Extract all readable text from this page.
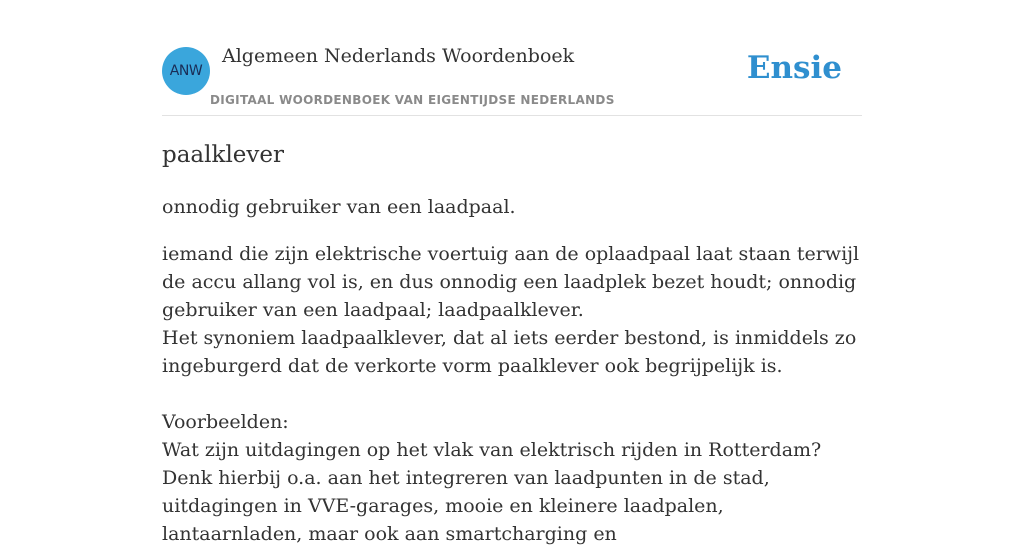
ANW
Algemeen Nederlands Woordenboek
DIGITAAL WOORDENBOEK VAN EIGENTIJDSE NEDERLANDS
Ensie
paalklever
onnodig gebruiker van een laadpaal.

iemand die zijn elektrische voertuig aan de oplaadpaal laat staan terwijl de accu allang vol is, en dus onnodig een laadplek bezet houdt; onnodig gebruiker van een laadpaal; laadpaalklever.

Het synoniem laadpaalklever, dat al iets eerder bestond, is inmiddels zo ingeburgerd dat de verkorte vorm paalklever ook begrijpelijk is.

Voorbeelden:

Wat zijn uitdagingen op het vlak van elektrisch rijden in Rotterdam? Denk hierbij o.a. aan het integreren van laadpunten in de stad, uitdagingen in VVE-garages, mooie en kleinere laadpalen, lantaarnladen, maar ook aan smartcharging en
